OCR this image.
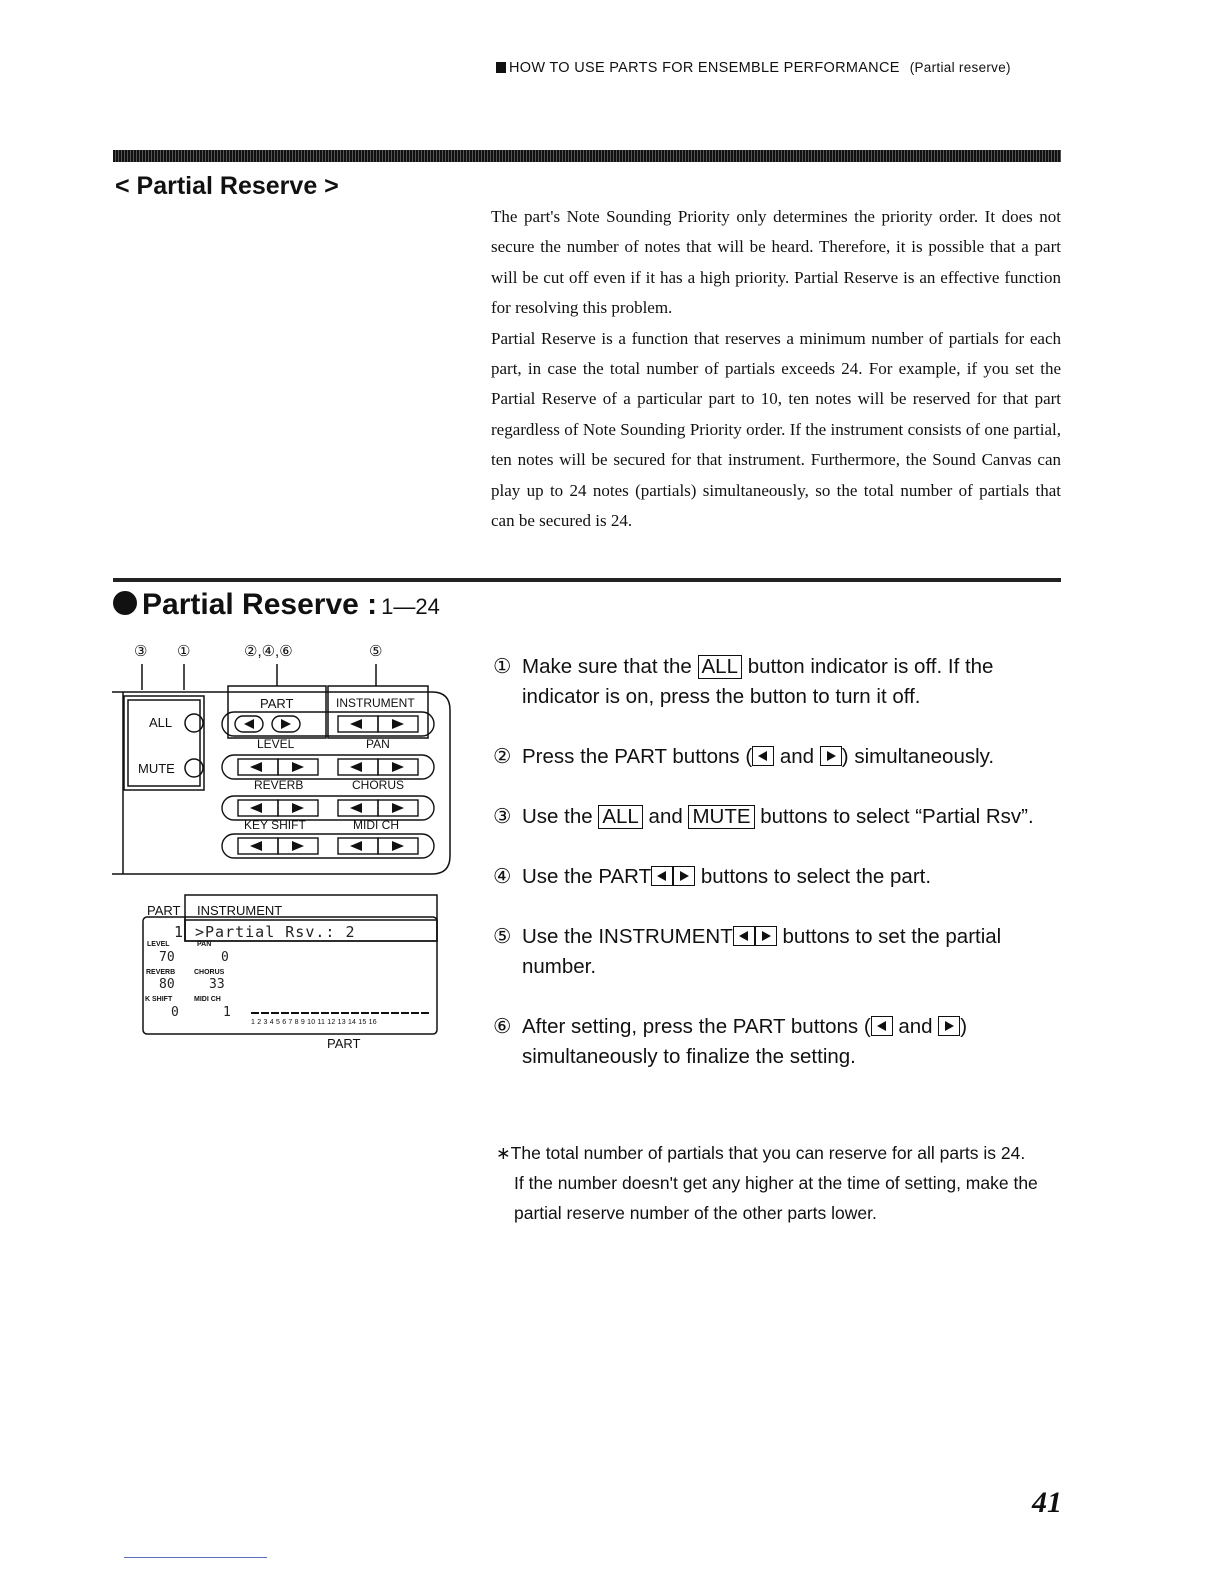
HOW TO USE PARTS FOR ENSEMBLE PERFORMANCE (Partial reserve)
< Partial Reserve >

The part's Note Sounding Priority only determines the priority order. It does not secure the number of notes that will be heard. Therefore, it is possible that a part will be cut off even if it has a high priority. Partial Reserve is an effective function for resolving this problem.

Partial Reserve is a function that reserves a minimum number of partials for each part, in case the total number of partials exceeds 24. For example, if you set the Partial Reserve of a particular part to 10, ten notes will be reserved for that part regardless of Note Sounding Priority order. If the instrument consists of one partial, ten notes will be secured for that instrument. Furthermore, the Sound Canvas can play up to 24 notes (partials) simultaneously, so the total number of partials that can be secured is 24.

Partial Reserve : 1—24
③ ①	②,④,⑥	⑤
ALL
MUTE
PART	INSTRUMENT
LEVEL	PAN
REVERB	CHORUS
KEY SHIFT	MIDI CH
PART INSTRUMENT
1 >Partial Rsv.: 2
LEVEL	PAN
70	0
REVERB	CHORUS
80	33
K SHIFT	MIDI CH
0	1
1 2 3 4 5 6 7 8 9 10 11 12 13 14 15 16
PART
① Make sure that the ALL button indicator is off. If the indicator is on, press the button to turn it off.
② Press the PART buttons ( and ) simultaneously.
③ Use the ALL and MUTE buttons to select “Partial Rsv”.
④ Use the PART buttons to select the part.
⑤ Use the INSTRUMENT buttons to set the partial number.
⑥ After setting, press the PART buttons ( and ) simultaneously to finalize the setting.
∗The total number of partials that you can reserve for all parts is 24.
If the number doesn't get any higher at the time of setting, make the partial reserve number of the other parts lower.
41
